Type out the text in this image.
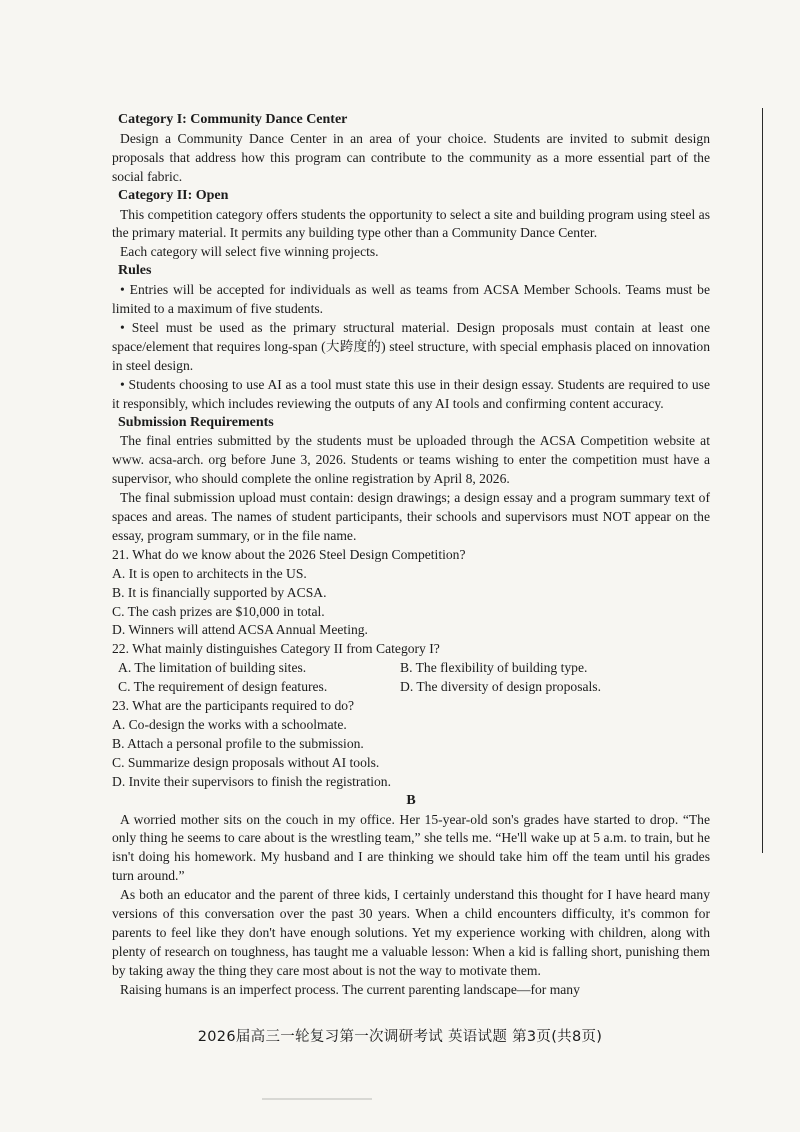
Category I: Community Dance Center

Design a Community Dance Center in an area of your choice. Students are invited to submit design proposals that address how this program can contribute to the community as a more essential part of the social fabric.

Category II: Open

This competition category offers students the opportunity to select a site and building program using steel as the primary material. It permits any building type other than a Community Dance Center.

Each category will select five winning projects.

Rules

• Entries will be accepted for individuals as well as teams from ACSA Member Schools. Teams must be limited to a maximum of five students.

• Steel must be used as the primary structural material. Design proposals must contain at least one space/element that requires long-span (大跨度的) steel structure, with special emphasis placed on innovation in steel design.

• Students choosing to use AI as a tool must state this use in their design essay. Students are required to use it responsibly, which includes reviewing the outputs of any AI tools and confirming content accuracy.

Submission Requirements

The final entries submitted by the students must be uploaded through the ACSA Competition website at www. acsa-arch. org before June 3, 2026. Students or teams wishing to enter the competition must have a supervisor, who should complete the online registration by April 8, 2026.

The final submission upload must contain: design drawings; a design essay and a program summary text of spaces and areas. The names of student participants, their schools and supervisors must NOT appear on the essay, program summary, or in the file name.

21. What do we know about the 2026 Steel Design Competition?

A. It is open to architects in the US.

B. It is financially supported by ACSA.

C. The cash prizes are $10,000 in total.

D. Winners will attend ACSA Annual Meeting.

22. What mainly distinguishes Category II from Category I?

A. The limitation of building sites.	B. The flexibility of building type.
C. The requirement of design features.	D. The diversity of design proposals.

23. What are the participants required to do?

A. Co-design the works with a schoolmate.

B. Attach a personal profile to the submission.

C. Summarize design proposals without AI tools.

D. Invite their supervisors to finish the registration.

B

A worried mother sits on the couch in my office. Her 15-year-old son's grades have started to drop. “The only thing he seems to care about is the wrestling team,” she tells me. “He'll wake up at 5 a.m. to train, but he isn't doing his homework. My husband and I are thinking we should take him off the team until his grades turn around.”

As both an educator and the parent of three kids, I certainly understand this thought for I have heard many versions of this conversation over the past 30 years. When a child encounters difficulty, it's common for parents to feel like they don't have enough solutions. Yet my experience working with children, along with plenty of research on toughness, has taught me a valuable lesson: When a kid is falling short, punishing them by taking away the thing they care most about is not the way to motivate them.

Raising humans is an imperfect process. The current parenting landscape—for many

2026届高三一轮复习第一次调研考试 英语试题 第3页(共8页)
